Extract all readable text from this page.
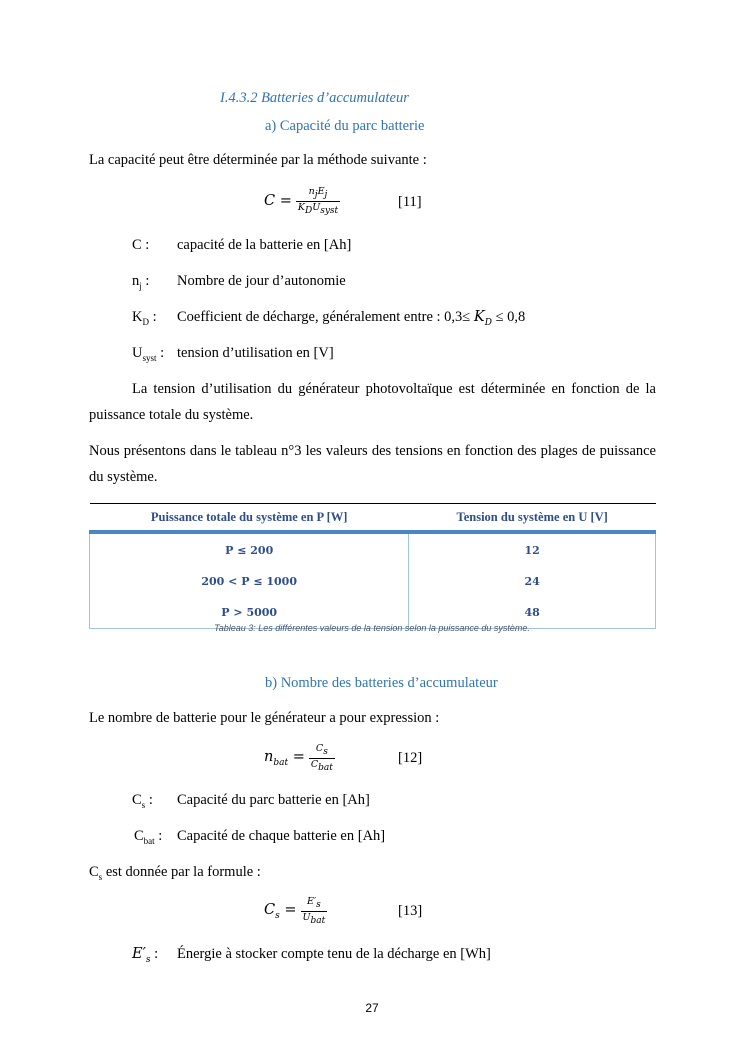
I.4.3.2 Batteries d’accumulateur
a) Capacité du parc batterie
La capacité peut être déterminée par la méthode suivante :
$C = \frac{n_jE_j}{K_DU_{syst}}$	[11]
C : capacité de la batterie en [Ah]
$n_j$ : Nombre de jour d’autonomie
$K_D$ : Coefficient de décharge, généralement entre : $0,3\le K_D \le 0,8$
$U_{syst}$ : tension d’utilisation en [V]
La tension d’utilisation du générateur photovoltaïque est déterminée en fonction de la puissance totale du système.
Nous présentons dans le tableau n°3 les valeurs des tensions en fonction des plages de puissance du système.
Puissance totale du système en P [W]	Tension du système en U [V]
P ≤ 200	12
200 < P ≤ 1000	24
P > 5000	48
Tableau 3: Les différentes valeurs de la tension selon la puissance du système.
b) Nombre des batteries d’accumulateur
Le nombre de batterie pour le générateur a pour expression :
$n_{bat} = \frac{C_s}{C_{bat}}$	[12]
$C_s$ : Capacité du parc batterie en [Ah]
$C_{bat}$ : Capacité de chaque batterie en [Ah]
$C_s$ est donnée par la formule :
$C_s = \frac{E'_s}{U_{bat}}$	[13]
$E'_s$ : Énergie à stocker compte tenu de la décharge en [Wh]
27
